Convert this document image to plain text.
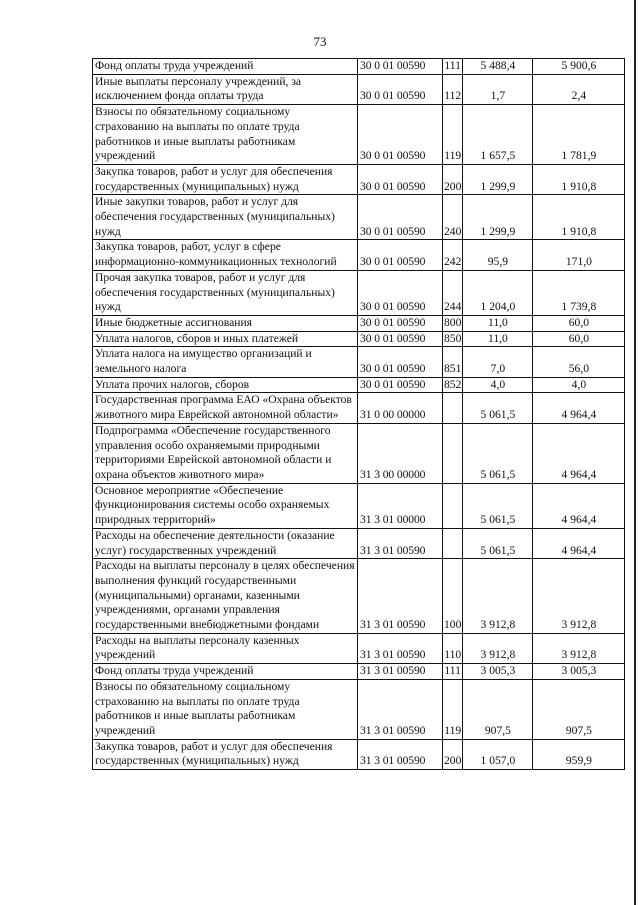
73
Фонд оплаты труда учреждений	30 0 01 00590	111	5 488,4	5 900,6
Иные выплаты персоналу учреждений, за исключением фонда оплаты труда	30 0 01 00590	112	1,7	2,4
Взносы по обязательному социальному страхованию на выплаты по оплате труда работников и иные выплаты работникам учреждений	30 0 01 00590	119	1 657,5	1 781,9
Закупка товаров, работ и услуг для обеспечения государственных (муниципальных) нужд	30 0 01 00590	200	1 299,9	1 910,8
Иные закупки товаров, работ и услуг для обеспечения государственных (муниципальных) нужд	30 0 01 00590	240	1 299,9	1 910,8
Закупка товаров, работ, услуг в сфере информационно-коммуникационных технологий	30 0 01 00590	242	95,9	171,0
Прочая закупка товаров, работ и услуг для обеспечения государственных (муниципальных) нужд	30 0 01 00590	244	1 204,0	1 739,8
Иные бюджетные ассигнования	30 0 01 00590	800	11,0	60,0
Уплата налогов, сборов и иных платежей	30 0 01 00590	850	11,0	60,0
Уплата налога на имущество организаций и земельного налога	30 0 01 00590	851	7,0	56,0
Уплата прочих налогов, сборов	30 0 01 00590	852	4,0	4,0
Государственная программа ЕАО «Охрана объектов животного мира Еврейской автономной области»	31 0 00 00000		5 061,5	4 964,4
Подпрограмма «Обеспечение государственного управления особо охраняемыми природными территориями Еврейской автономной области и охрана объектов животного мира»	31 3 00 00000		5 061,5	4 964,4
Основное мероприятие «Обеспечение функционирования системы особо охраняемых природных территорий»	31 3 01 00000		5 061,5	4 964,4
Расходы на обеспечение деятельности (оказание услуг) государственных учреждений	31 3 01 00590		5 061,5	4 964,4
Расходы на выплаты персоналу в целях обеспечения выполнения функций государственными (муниципальными) органами, казенными учреждениями, органами управления государственными внебюджетными фондами	31 3 01 00590	100	3 912,8	3 912,8
Расходы на выплаты персоналу казенных учреждений	31 3 01 00590	110	3 912,8	3 912,8
Фонд оплаты труда учреждений	31 3 01 00590	111	3 005,3	3 005,3
Взносы по обязательному социальному страхованию на выплаты по оплате труда работников и иные выплаты работникам учреждений	31 3 01 00590	119	907,5	907,5
Закупка товаров, работ и услуг для обеспечения государственных (муниципальных) нужд	31 3 01 00590	200	1 057,0	959,9
